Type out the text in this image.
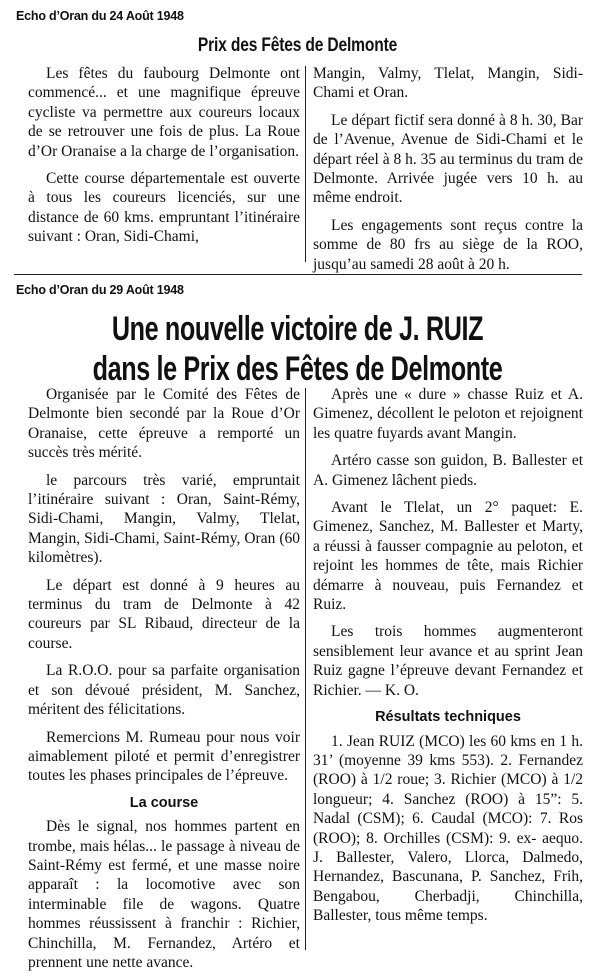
Echo d’Oran du 24 Août 1948
Prix des Fêtes de Delmonte

Les fêtes du faubourg Delmonte ont commencé... et une magnifique épreuve cycliste va permettre aux coureurs locaux de se retrouver une fois de plus. La Roue d’Or Oranaise a la charge de l’organisation.

Cette course départementale est ouverte à tous les coureurs licenciés, sur une distance de 60 kms. empruntant l’itinéraire suivant : Oran, Sidi-Chami,

Mangin, Valmy, Tlelat, Mangin, Sidi-Chami et Oran.

Le départ fictif sera donné à 8 h. 30, Bar de l’Avenue, Avenue de Sidi-Chami et le départ réel à 8 h. 35 au terminus du tram de Delmonte. Arrivée jugée vers 10 h. au même endroit.

Les engagements sont reçus contre la somme de 80 frs au siège de la ROO, jusqu’au samedi 28 août à 20 h.

Echo d’Oran du 29 Août 1948
Une nouvelle victoire de J. RUIZ
dans le Prix des Fêtes de Delmonte

Organisée par le Comité des Fêtes de Delmonte bien secondé par la Roue d’Or Oranaise, cette épreuve a remporté un succès très mérité.

le parcours très varié, empruntait l’itinéraire suivant : Oran, Saint-Rémy, Sidi-Chami, Mangin, Valmy, Tlelat, Mangin, Sidi-Chami, Saint-Rémy, Oran (60 kilomètres).

Le départ est donné à 9 heures au terminus du tram de Delmonte à 42 coureurs par SL Ribaud, directeur de la course.

La R.O.O. pour sa parfaite organisation et son dévoué président, M. Sanchez, méritent des félicitations.

Remercions M. Rumeau pour nous voir aimablement piloté et permit d’enregistrer toutes les phases principales de l’épreuve.

La course

Dès le signal, nos hommes partent en trombe, mais hélas... le passage à niveau de Saint-Rémy est fermé, et une masse noire apparaît : la locomotive avec son interminable file de wagons. Quatre hommes réussissent à franchir : Richier, Chinchilla, M. Fernandez, Artéro et prennent une nette avance.

Après une « dure » chasse Ruiz et A. Gimenez, décollent le peloton et rejoignent les quatre fuyards avant Mangin.

Artéro casse son guidon, B. Ballester et A. Gimenez lâchent pieds.

Avant le Tlelat, un 2° paquet: E. Gimenez, Sanchez, M. Ballester et Marty, a réussi à fausser compagnie au peloton, et rejoint les hommes de tête, mais Richier démarre à nouveau, puis Fernandez et Ruiz.

Les trois hommes augmenteront sensiblement leur avance et au sprint Jean Ruiz gagne l’épreuve devant Fernandez et Richier. — K. O.

Résultats techniques

1. Jean RUIZ (MCO) les 60 kms en 1 h. 31’ (moyenne 39 kms 553). 2. Fernandez (ROO) à 1/2 roue; 3. Richier (MCO) à 1/2 longueur; 4. Sanchez (ROO) à 15”: 5. Nadal (CSM); 6. Caudal (MCO): 7. Ros (ROO); 8. Orchilles (CSM): 9. ex- aequo. J. Ballester, Valero, Llorca, Dalmedo, Hernandez, Bascunana, P. Sanchez, Frih, Bengabou, Cherbadji, Chinchilla, Ballester, tous même temps.
